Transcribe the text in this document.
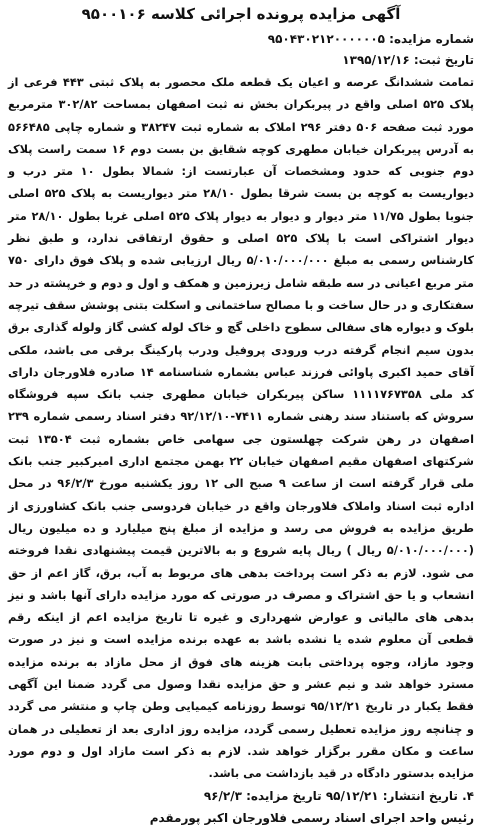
آگهی مزایده پرونده اجرائی کلاسه ۹۵۰۰۱۰۶
شماره مزایده: ۹۵۰۴۳۰۲۱۲۰۰۰۰۰۰۵
تاریخ ثبت: ۱۳۹۵/۱۲/۱۶

تمامت ششدانگ عرصه و اعیان یک قطعه ملک محصور به پلاک ثبتی ۴۴۳ فرعی از پلاک ۵۲۵ اصلی واقع در پیربکران بخش نه ثبت اصفهان بمساحت ۳۰۲/۸۲ مترمربع مورد ثبت صفحه ۵۰۶ دفتر ۲۹۶ املاک به شماره ثبت ۳۸۲۴۷ و شماره چاپی ۵۶۶۴۸۵ به آدرس پیربکران خیابان مطهری کوچه شقایق بن بست دوم ۱۶ سمت راست پلاک دوم جنوبی که حدود ومشخصات آن عبارتست از: شمالا بطول ۱۰ متر درب و دیواریست به کوچه بن بست شرقا بطول ۲۸/۱۰ متر دیواریست به پلاک ۵۲۵ اصلی جنوبا بطول ۱۱/۷۵ متر دیوار و دیوار به دیوار پلاک ۵۲۵ اصلی غربا بطول ۲۸/۱۰ متر دیوار اشتراکی است با پلاک ۵۲۵ اصلی و حقوق ارتفاقی ندارد، و طبق نظر کارشناس رسمی به مبلغ ۵/۰۱۰/۰۰۰/۰۰۰ ریال ارزیابی شده و پلاک فوق دارای ۷۵۰ متر مربع اعیانی در سه طبقه شامل زیرزمین و همکف و اول و دوم و خرپشته در حد سفتکاری و در حال ساخت و با مصالح ساختمانی و اسکلت بتنی پوشش سقف تیرچه بلوک و دیواره های سفالی سطوح داخلی گچ و خاک لوله کشی گاز ولوله گذاری برق بدون سیم انجام گرفته درب ورودی پروفیل ودرب پارکینگ برقی می باشد، ملکی آقای حمید اکبری پاوائی فرزند عباس بشماره شناسنامه ۱۴ صادره فلاورجان دارای کد ملی ۱۱۱۱۷۶۷۳۵۸ ساکن پیربکران خیابان مطهری جنب بانک سپه فروشگاه سروش که باستناد سند رهنی شماره ۷۴۱۱-۹۲/۱۲/۱۰ دفتر اسناد رسمی شماره ۲۳۹ اصفهان در رهن شرکت چهلستون جی سهامی خاص بشماره ثبت ۱۳۵۰۴ ثبت شرکتهای اصفهان مقیم اصفهان خیابان ۲۲ بهمن مجتمع اداری امیرکبیر جنب بانک ملی قرار گرفته است از ساعت ۹ صبح الی ۱۲ روز یکشنبه مورخ ۹۶/۲/۳ در محل اداره ثبت اسناد واملاک فلاورجان واقع در خیابان فردوسی جنب بانک کشاورزی از طریق مزایده به فروش می رسد و مزایده از مبلغ پنج میلیارد و ده میلیون ریال (۵/۰۱۰/۰۰۰/۰۰۰ ریال ) ریال پایه شروع و به بالاترین قیمت پیشنهادی نقدا فروخته می شود. لازم به ذکر است پرداخت بدهی های مربوط به آب، برق، گاز اعم از حق انشعاب و یا حق اشتراک و مصرف در صورتی که مورد مزایده دارای آنها باشد و نیز بدهی های مالیاتی و عوارض شهرداری و غیره تا تاریخ مزایده اعم از اینکه رقم قطعی آن معلوم شده یا نشده باشد به عهده برنده مزایده است و نیز در صورت وجود مازاد، وجوه پرداختی بابت هزینه های فوق از محل مازاد به برنده مزایده مسترد خواهد شد و نیم عشر و حق مزایده نقدا وصول می گردد ضمنا این آگهی فقط یکبار در تاریخ ۹۵/۱۲/۲۱ توسط روزنامه کیمیایی وطن چاپ و منتشر می گردد و چنانچه روز مزایده تعطیل رسمی گردد، مزایده روز اداری بعد از تعطیلی در همان ساعت و مکان مقرر برگزار خواهد شد. لازم به ذکر است مازاد اول و دوم مورد مزایده بدستور دادگاه در قید بازداشت می باشد.

۴. تاریخ انتشار: ۹۵/۱۲/۲۱ تاریخ مزایده: ۹۶/۲/۳
رئیس واحد اجرای اسناد رسمی فلاورجان اکبر پورمقدم
